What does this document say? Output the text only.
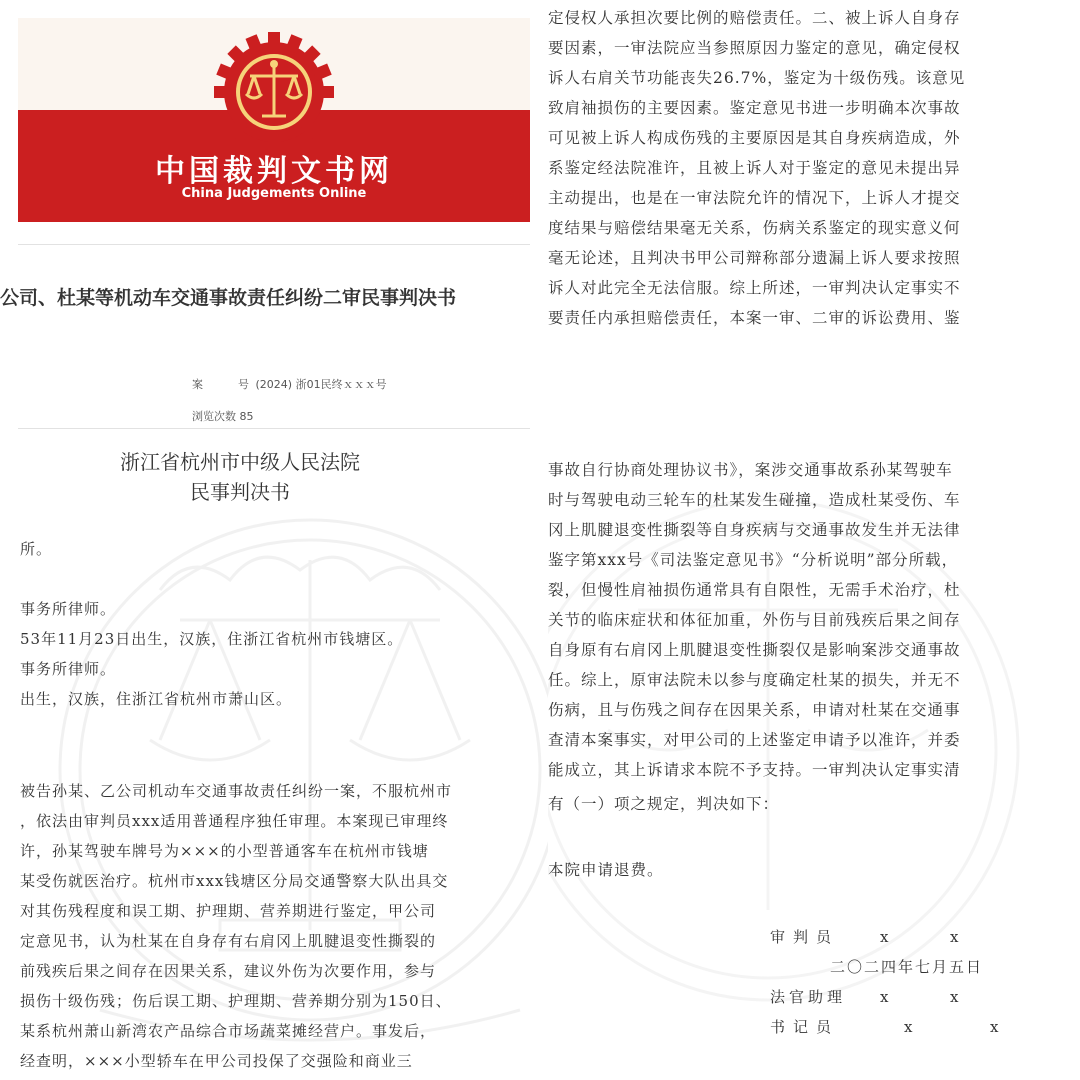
中国裁判文书网
China Judgements Online
公司、杜某等机动车交通事故责任纠纷二审民事判决书
案　号 (2024) 浙01民终ｘｘｘ号
浏览次数 85
浙江省杭州市中级人民法院
民事判决书
所。
事务所律师。
53年11月23日出生，汉族，住浙江省杭州市钱塘区。
事务所律师。
出生，汉族，住浙江省杭州市萧山区。
被告孙某、乙公司机动车交通事故责任纠纷一案，不服杭州市
，依法由审判员xxx适用普通程序独任审理。本案现已审理终
许，孙某驾驶车牌号为×××的小型普通客车在杭州市钱塘
某受伤就医治疗。杭州市xxx钱塘区分局交通警察大队出具交
对其伤残程度和误工期、护理期、营养期进行鉴定，甲公司
定意见书，认为杜某在自身存有右肩冈上肌腱退变性撕裂的
前残疾后果之间存在因果关系，建议外伤为次要作用，参与
损伤十级伤残；伤后误工期、护理期、营养期分别为150日、
某系杭州萧山新湾农产品综合市场蔬菜摊经营户。事发后，
经查明，×××小型轿车在甲公司投保了交强险和商业三
定侵权人承担次要比例的赔偿责任。二、被上诉人自身存
要因素，一审法院应当参照原因力鉴定的意见，确定侵权
诉人右肩关节功能丧失26.7%，鉴定为十级伤残。该意见
致肩袖损伤的主要因素。鉴定意见书进一步明确本次事故
可见被上诉人构成伤残的主要原因是其自身疾病造成，外
系鉴定经法院准许，且被上诉人对于鉴定的意见未提出异
主动提出，也是在一审法院允许的情况下，上诉人才提交
度结果与赔偿结果毫无关系，伤病关系鉴定的现实意义何
毫无论述，且判决书甲公司辩称部分遗漏上诉人要求按照
诉人对此完全无法信服。综上所述，一审判决认定事实不
要责任内承担赔偿责任，本案一审、二审的诉讼费用、鉴
事故自行协商处理协议书》，案涉交通事故系孙某驾驶车
时与驾驶电动三轮车的杜某发生碰撞，造成杜某受伤、车
冈上肌腱退变性撕裂等自身疾病与交通事故发生并无法律
鉴字第xxx号《司法鉴定意见书》“分析说明”部分所载，
裂，但慢性肩袖损伤通常具有自限性，无需手术治疗，杜
关节的临床症状和体征加重，外伤与目前残疾后果之间存
自身原有右肩冈上肌腱退变性撕裂仅是影响案涉交通事故
任。综上，原审法院未以参与度确定杜某的损失，并无不
伤病，且与伤残之间存在因果关系，申请对杜某在交通事
查清本案事实，对甲公司的上述鉴定申请予以准许，并委
能成立，其上诉请求本院不予支持。一审判决认定事实清
有（一）项之规定，判决如下：
本院申请退费。
审判员	x	x
二〇二四年七月五日
法官助理 x	x
书记员	x	x
